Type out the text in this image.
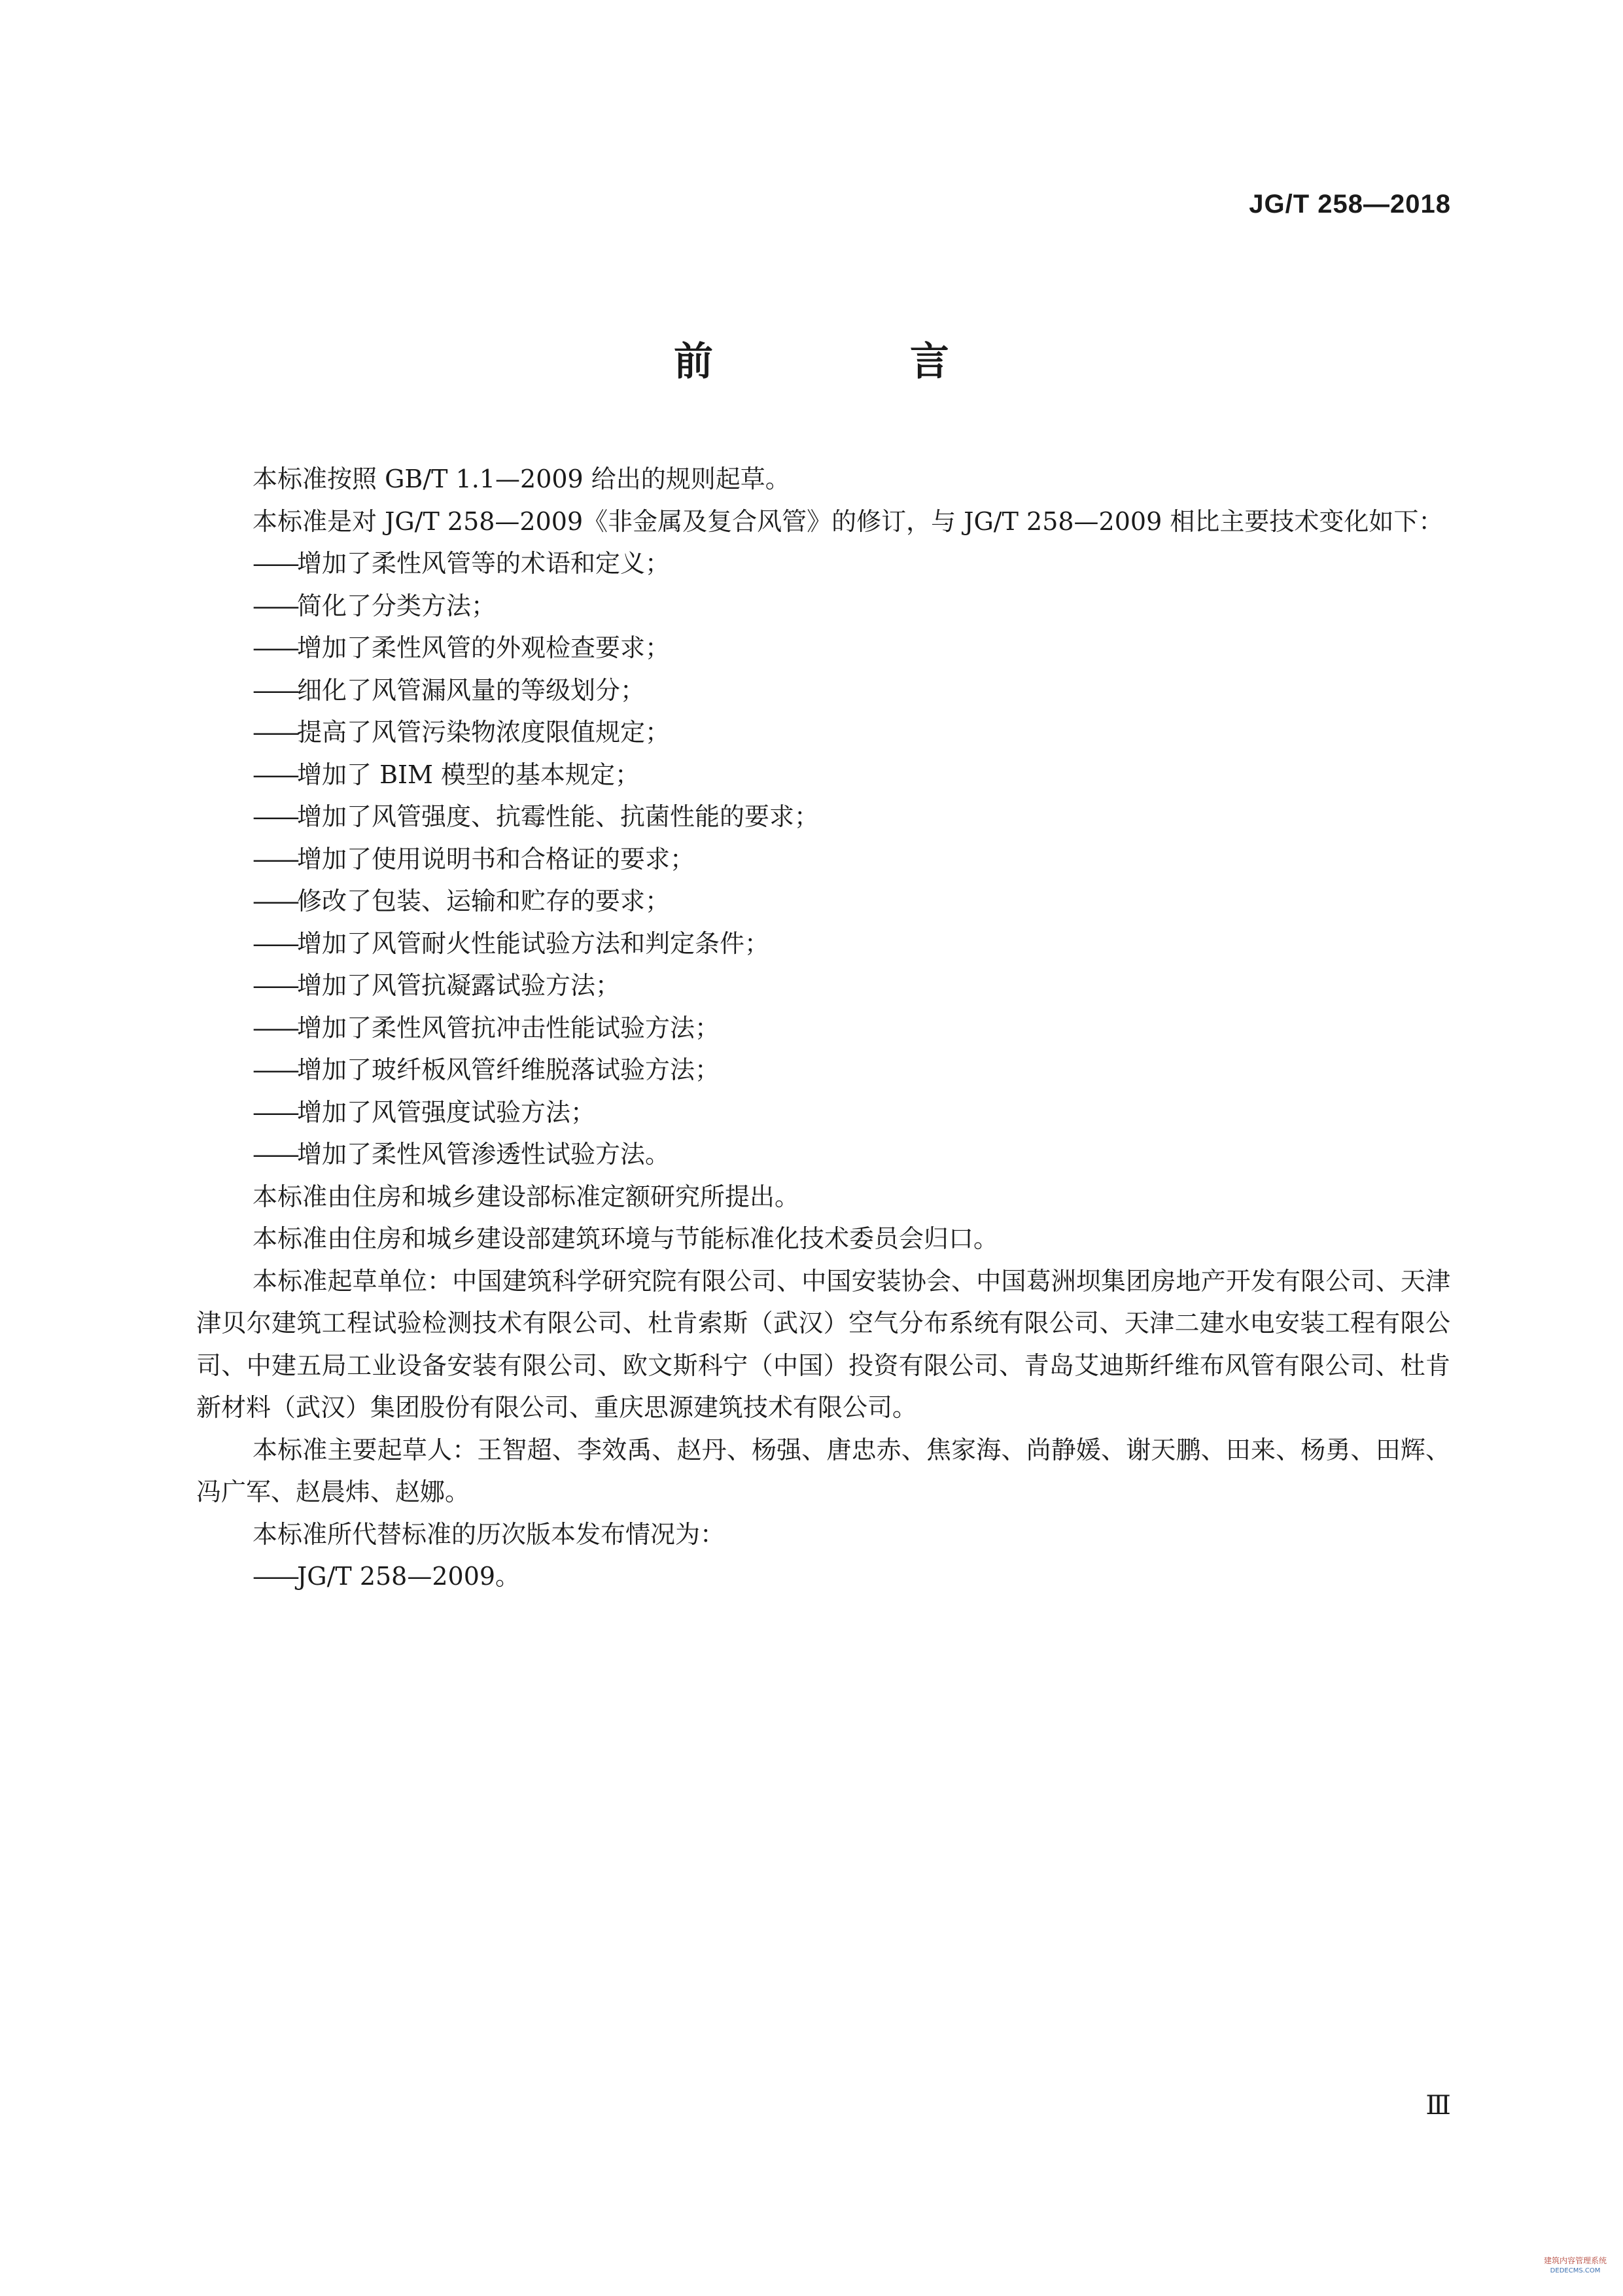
JG/T 258—2018
前 言

本标准按照 GB/T 1.1—2009 给出的规则起草。

本标准是对 JG/T 258—2009《非金属及复合风管》的修订，与 JG/T 258—2009 相比主要技术变化如下：

——增加了柔性风管等的术语和定义；
——简化了分类方法；
——增加了柔性风管的外观检查要求；
——细化了风管漏风量的等级划分；
——提高了风管污染物浓度限值规定；
——增加了 BIM 模型的基本规定；
——增加了风管强度、抗霉性能、抗菌性能的要求；
——增加了使用说明书和合格证的要求；
——修改了包装、运输和贮存的要求；
——增加了风管耐火性能试验方法和判定条件；
——增加了风管抗凝露试验方法；
——增加了柔性风管抗冲击性能试验方法；
——增加了玻纤板风管纤维脱落试验方法；
——增加了风管强度试验方法；
——增加了柔性风管渗透性试验方法。

本标准由住房和城乡建设部标准定额研究所提出。

本标准由住房和城乡建设部建筑环境与节能标准化技术委员会归口。

本标准起草单位：中国建筑科学研究院有限公司、中国安装协会、中国葛洲坝集团房地产开发有限公司、天津津贝尔建筑工程试验检测技术有限公司、杜肯索斯（武汉）空气分布系统有限公司、天津二建水电安装工程有限公司、中建五局工业设备安装有限公司、欧文斯科宁（中国）投资有限公司、青岛艾迪斯纤维布风管有限公司、杜肯新材料（武汉）集团股份有限公司、重庆思源建筑技术有限公司。

本标准主要起草人：王智超、李效禹、赵丹、杨强、唐忠赤、焦家海、尚静媛、谢天鹏、田来、杨勇、田辉、冯广军、赵晨炜、赵娜。

本标准所代替标准的历次版本发布情况为：

——JG/T 258—2009。
Ⅲ
建筑内容管理系统
DEDECMS.COM
